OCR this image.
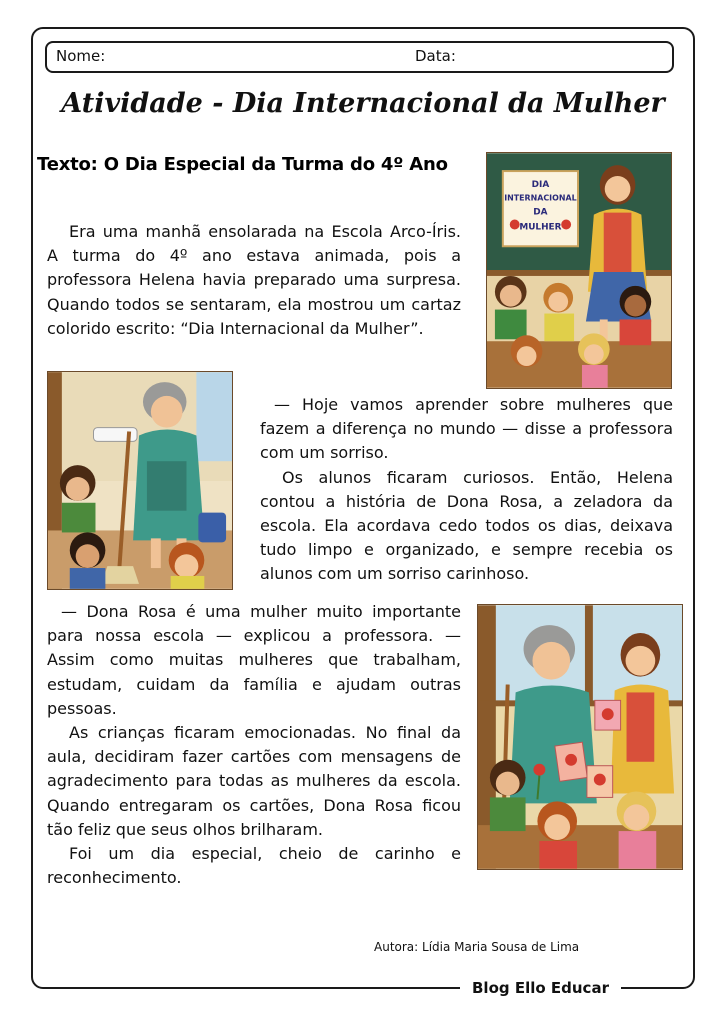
Nome:	Data:
Atividade - Dia Internacional da Mulher
Texto: O Dia Especial da Turma do 4º Ano

Era uma manhã ensolarada na Escola Arco-Íris. A turma do 4º ano estava animada, pois a professora Helena havia preparado uma surpresa. Quando todos se sentaram, ela mostrou um cartaz colorido escrito: “Dia Internacional da Mulher”.

— Hoje vamos aprender sobre mulheres que fazem a diferença no mundo — disse a professora com um sorriso.

Os alunos ficaram curiosos. Então, Helena contou a história de Dona Rosa, a zeladora da escola. Ela acordava cedo todos os dias, deixava tudo limpo e organizado, e sempre recebia os alunos com um sorriso carinhoso.

— Dona Rosa é uma mulher muito importante para nossa escola — explicou a professora. — Assim como muitas mulheres que trabalham, estudam, cuidam da família e ajudam outras pessoas.

As crianças ficaram emocionadas. No final da aula, decidiram fazer cartões com mensagens de agradecimento para todas as mulheres da escola. Quando entregaram os cartões, Dona Rosa ficou tão feliz que seus olhos brilharam.

Foi um dia especial, cheio de carinho e reconhecimento.

DIA
INTERNACIONAL
DA
MULHER
Autora: Lídia Maria Sousa de Lima
Blog Ello Educar
